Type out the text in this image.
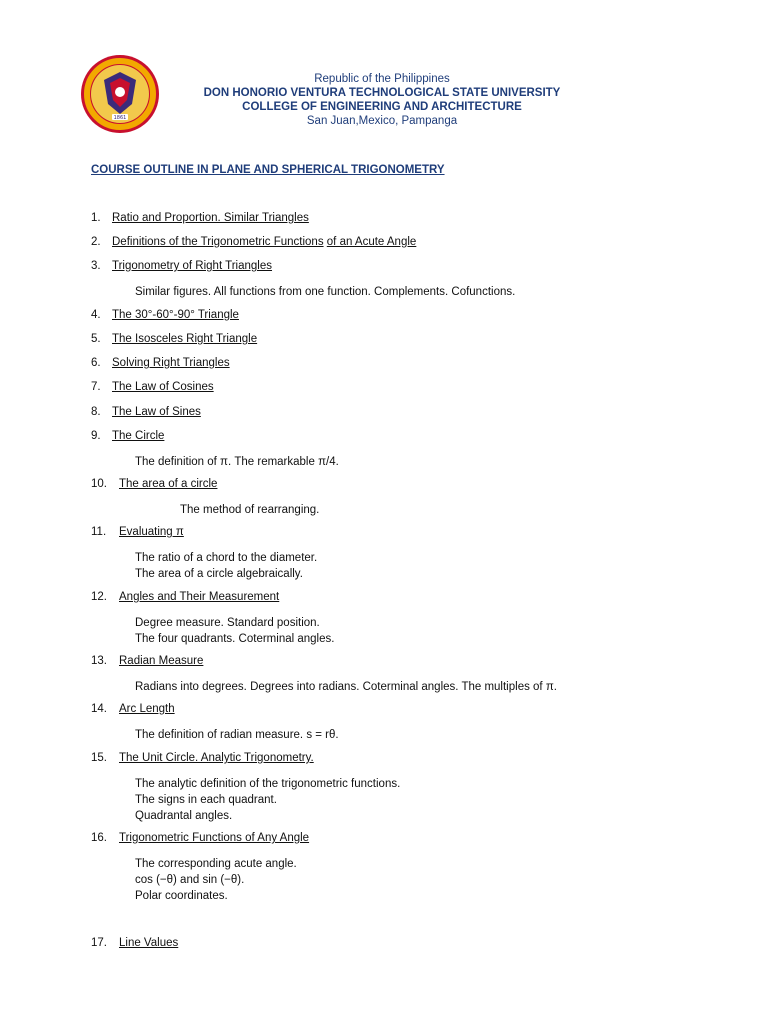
1861
Republic of the Philippines
DON HONORIO VENTURA TECHNOLOGICAL STATE UNIVERSITY
COLLEGE OF ENGINEERING AND ARCHITECTURE
San Juan,Mexico, Pampanga
COURSE OUTLINE IN PLANE AND SPHERICAL TRIGONOMETRY
1. Ratio and Proportion. Similar Triangles
2. Definitions of the Trigonometric Functions of an Acute Angle
3. Trigonometry of Right Triangles
Similar figures. All functions from one function. Complements. Cofunctions.
4. The 30°-60°-90° Triangle
5. The Isosceles Right Triangle
6. Solving Right Triangles
7. The Law of Cosines
8. The Law of Sines
9. The Circle
The definition of π. The remarkable π/4.
10. The area of a circle
The method of rearranging.
11. Evaluating π
The ratio of a chord to the diameter.
The area of a circle algebraically.
12. Angles and Their Measurement
Degree measure. Standard position.
The four quadrants. Coterminal angles.
13. Radian Measure
Radians into degrees. Degrees into radians. Coterminal angles. The multiples of π.
14. Arc Length
The definition of radian measure. s = rθ.
15. The Unit Circle. Analytic Trigonometry.
The analytic definition of the trigonometric functions.
The signs in each quadrant.
Quadrantal angles.
16. Trigonometric Functions of Any Angle
The corresponding acute angle.
cos (−θ) and sin (−θ).
Polar coordinates.
17. Line Values
